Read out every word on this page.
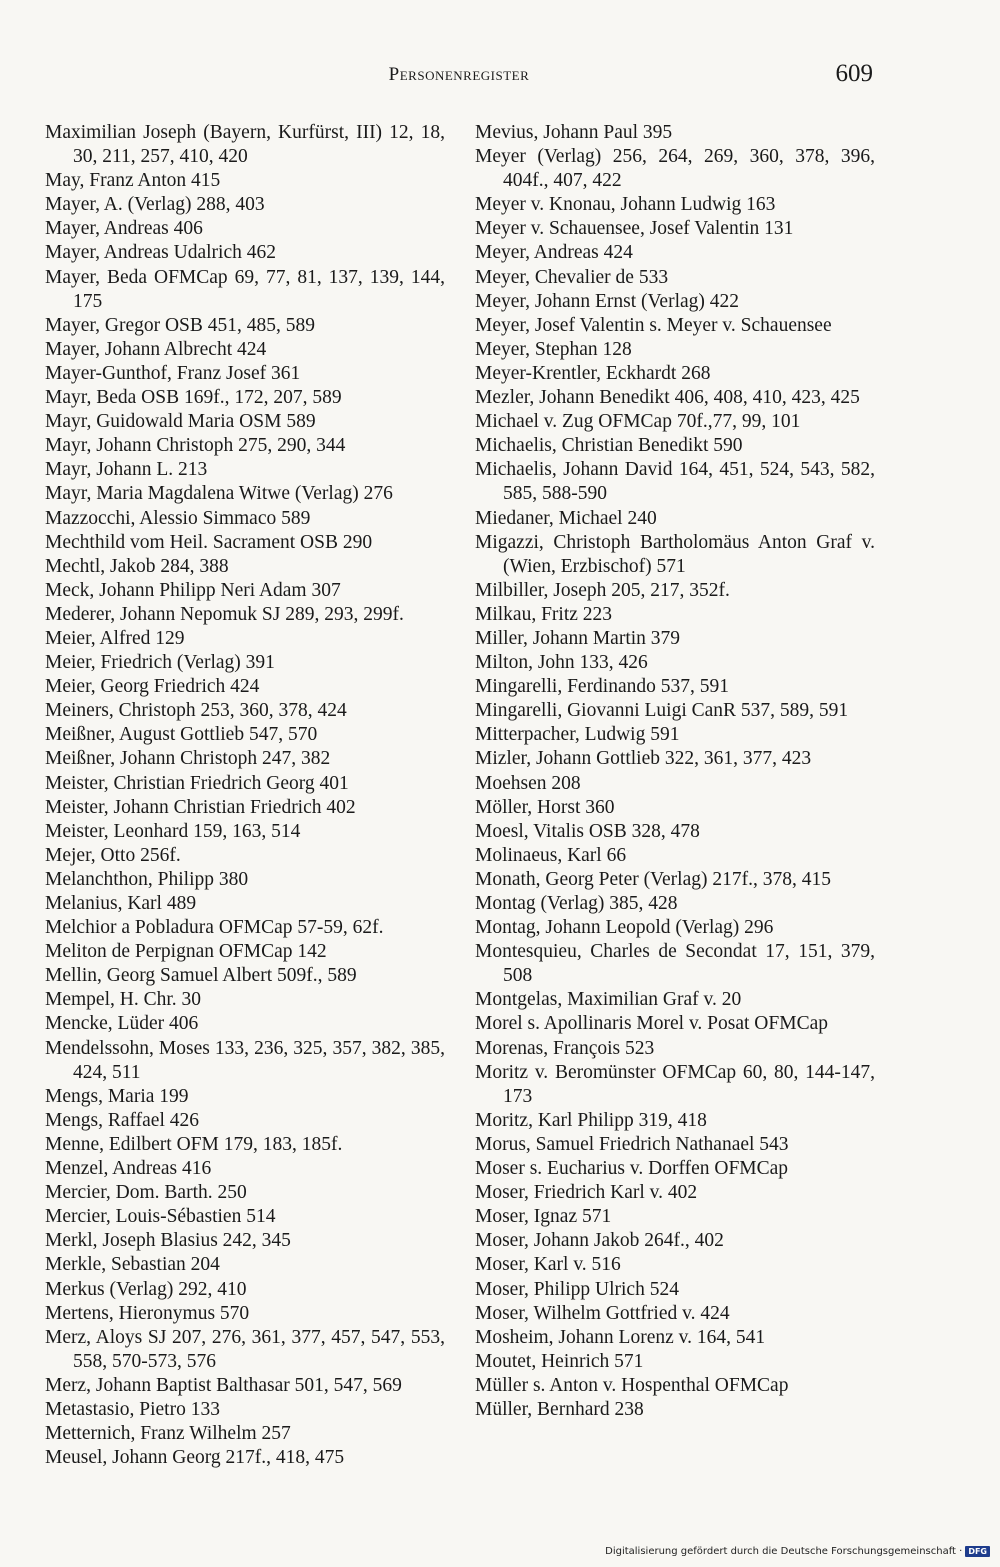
Personenregister	609
Maximilian Joseph (Bayern, Kurfürst, III) 12, 18, 30, 211, 257, 410, 420
May, Franz Anton 415
Mayer, A. (Verlag) 288, 403
Mayer, Andreas 406
Mayer, Andreas Udalrich 462
Mayer, Beda OFMCap 69, 77, 81, 137, 139, 144, 175
Mayer, Gregor OSB 451, 485, 589
Mayer, Johann Albrecht 424
Mayer-Gunthof, Franz Josef 361
Mayr, Beda OSB 169f., 172, 207, 589
Mayr, Guidowald Maria OSM 589
Mayr, Johann Christoph 275, 290, 344
Mayr, Johann L. 213
Mayr, Maria Magdalena Witwe (Verlag) 276
Mazzocchi, Alessio Simmaco 589
Mechthild vom Heil. Sacrament OSB 290
Mechtl, Jakob 284, 388
Meck, Johann Philipp Neri Adam 307
Mederer, Johann Nepomuk SJ 289, 293, 299f.
Meier, Alfred 129
Meier, Friedrich (Verlag) 391
Meier, Georg Friedrich 424
Meiners, Christoph 253, 360, 378, 424
Meißner, August Gottlieb 547, 570
Meißner, Johann Christoph 247, 382
Meister, Christian Friedrich Georg 401
Meister, Johann Christian Friedrich 402
Meister, Leonhard 159, 163, 514
Mejer, Otto 256f.
Melanchthon, Philipp 380
Melanius, Karl 489
Melchior a Pobladura OFMCap 57-59, 62f.
Meliton de Perpignan OFMCap 142
Mellin, Georg Samuel Albert 509f., 589
Mempel, H. Chr. 30
Mencke, Lüder 406
Mendelssohn, Moses 133, 236, 325, 357, 382, 385, 424, 511
Mengs, Maria 199
Mengs, Raffael 426
Menne, Edilbert OFM 179, 183, 185f.
Menzel, Andreas 416
Mercier, Dom. Barth. 250
Mercier, Louis-Sébastien 514
Merkl, Joseph Blasius 242, 345
Merkle, Sebastian 204
Merkus (Verlag) 292, 410
Mertens, Hieronymus 570
Merz, Aloys SJ 207, 276, 361, 377, 457, 547, 553, 558, 570-573, 576
Merz, Johann Baptist Balthasar 501, 547, 569
Metastasio, Pietro 133
Metternich, Franz Wilhelm 257
Meusel, Johann Georg 217f., 418, 475
Mevius, Johann Paul 395
Meyer (Verlag) 256, 264, 269, 360, 378, 396, 404f., 407, 422
Meyer v. Knonau, Johann Ludwig 163
Meyer v. Schauensee, Josef Valentin 131
Meyer, Andreas 424
Meyer, Chevalier de 533
Meyer, Johann Ernst (Verlag) 422
Meyer, Josef Valentin s. Meyer v. Schauensee
Meyer, Stephan 128
Meyer-Krentler, Eckhardt 268
Mezler, Johann Benedikt 406, 408, 410, 423, 425
Michael v. Zug OFMCap 70f.,77, 99, 101
Michaelis, Christian Benedikt 590
Michaelis, Johann David 164, 451, 524, 543, 582, 585, 588-590
Miedaner, Michael 240
Migazzi, Christoph Bartholomäus Anton Graf v. (Wien, Erzbischof) 571
Milbiller, Joseph 205, 217, 352f.
Milkau, Fritz 223
Miller, Johann Martin 379
Milton, John 133, 426
Mingarelli, Ferdinando 537, 591
Mingarelli, Giovanni Luigi CanR 537, 589, 591
Mitterpacher, Ludwig 591
Mizler, Johann Gottlieb 322, 361, 377, 423
Moehsen 208
Möller, Horst 360
Moesl, Vitalis OSB 328, 478
Molinaeus, Karl 66
Monath, Georg Peter (Verlag) 217f., 378, 415
Montag (Verlag) 385, 428
Montag, Johann Leopold (Verlag) 296
Montesquieu, Charles de Secondat 17, 151, 379, 508
Montgelas, Maximilian Graf v. 20
Morel s. Apollinaris Morel v. Posat OFMCap
Morenas, François 523
Moritz v. Beromünster OFMCap 60, 80, 144-147, 173
Moritz, Karl Philipp 319, 418
Morus, Samuel Friedrich Nathanael 543
Moser s. Eucharius v. Dorffen OFMCap
Moser, Friedrich Karl v. 402
Moser, Ignaz 571
Moser, Johann Jakob 264f., 402
Moser, Karl v. 516
Moser, Philipp Ulrich 524
Moser, Wilhelm Gottfried v. 424
Mosheim, Johann Lorenz v. 164, 541
Moutet, Heinrich 571
Müller s. Anton v. Hospenthal OFMCap
Müller, Bernhard 238
Digitalisierung gefördert durch die Deutsche Forschungsgemeinschaft · DFG
